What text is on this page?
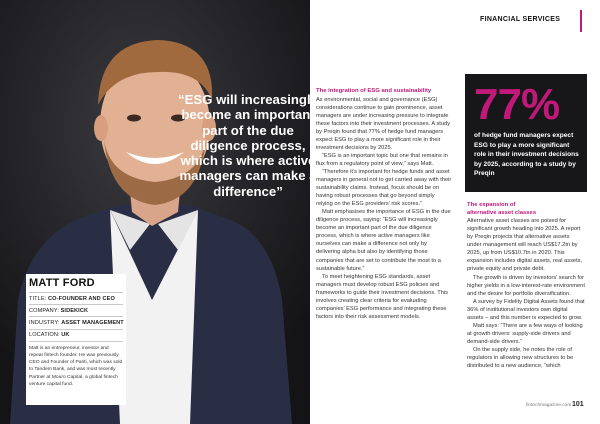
“ESG will increasingly become an important part of the due diligence process, which is where active managers can make a difference”
MATT FORD
TITLE: CO-FOUNDER AND CEO
COMPANY: SIDEKICK
INDUSTRY: ASSET MANAGEMENT
LOCATION: UK
Matt is an entrepreneur, investor and repeat fintech founder. He was previously CEO and Founder of Pariti, which was sold to Tandem Bank, and was most recently Partner at Mouro Capital, a global fintech venture capital fund.
FINANCIAL SERVICES
The integration of ESG and sustainability

As environmental, social and governance (ESG) considerations continue to gain prominence, asset managers are under increasing pressure to integrate these factors into their investment processes. A study by Preqin found that 77% of hedge fund managers expect ESG to play a more significant role in their investment decisions by 2025.

“ESG is an important topic but one that remains in flux from a regulatory point of view,” says Matt.

“Therefore it’s important for hedge funds and asset managers in general not to get carried away with their sustainability claims. Instead, focus should be on having robust processes that go beyond simply relying on the ESG providers’ risk scores.”

Matt emphasises the importance of ESG in the due diligence process, saying: “ESG will increasingly become an important part of the due diligence process, which is where active managers like ourselves can make a difference not only by delivering alpha but also by identifying those companies that are set to contribute the most to a sustainable future.”

To meet heightening ESG standards, asset managers must develop robust ESG policies and frameworks to guide their investment decisions. This involves creating clear criteria for evaluating companies’ ESG performance and integrating these factors into their risk assessment models.

77%
of hedge fund managers expect ESG to play a more significant role in their investment decisions by 2025, according to a study by Preqin
The expansion of
alternative asset classes

Alternative asset classes are poised for significant growth heading into 2025. A report by Preqin projects that alternative assets under management will reach US$17.2tn by 2025, up from US$10.7tn in 2020. This expansion includes digital assets, real assets, private equity and private debt.

The growth is driven by investors’ search for higher yields in a low-interest-rate environment and the desire for portfolio diversification.

A survey by Fidelity Digital Assets found that 36% of institutional investors own digital assets – and this number is expected to grow.

Matt says: “There are a few ways of looking at growth drivers: supply-side drivers and demand-side drivers.”

On the supply side, he notes the role of regulators in allowing new structures to be distributed to a new audience, “which

fintechmagazine.com 101
